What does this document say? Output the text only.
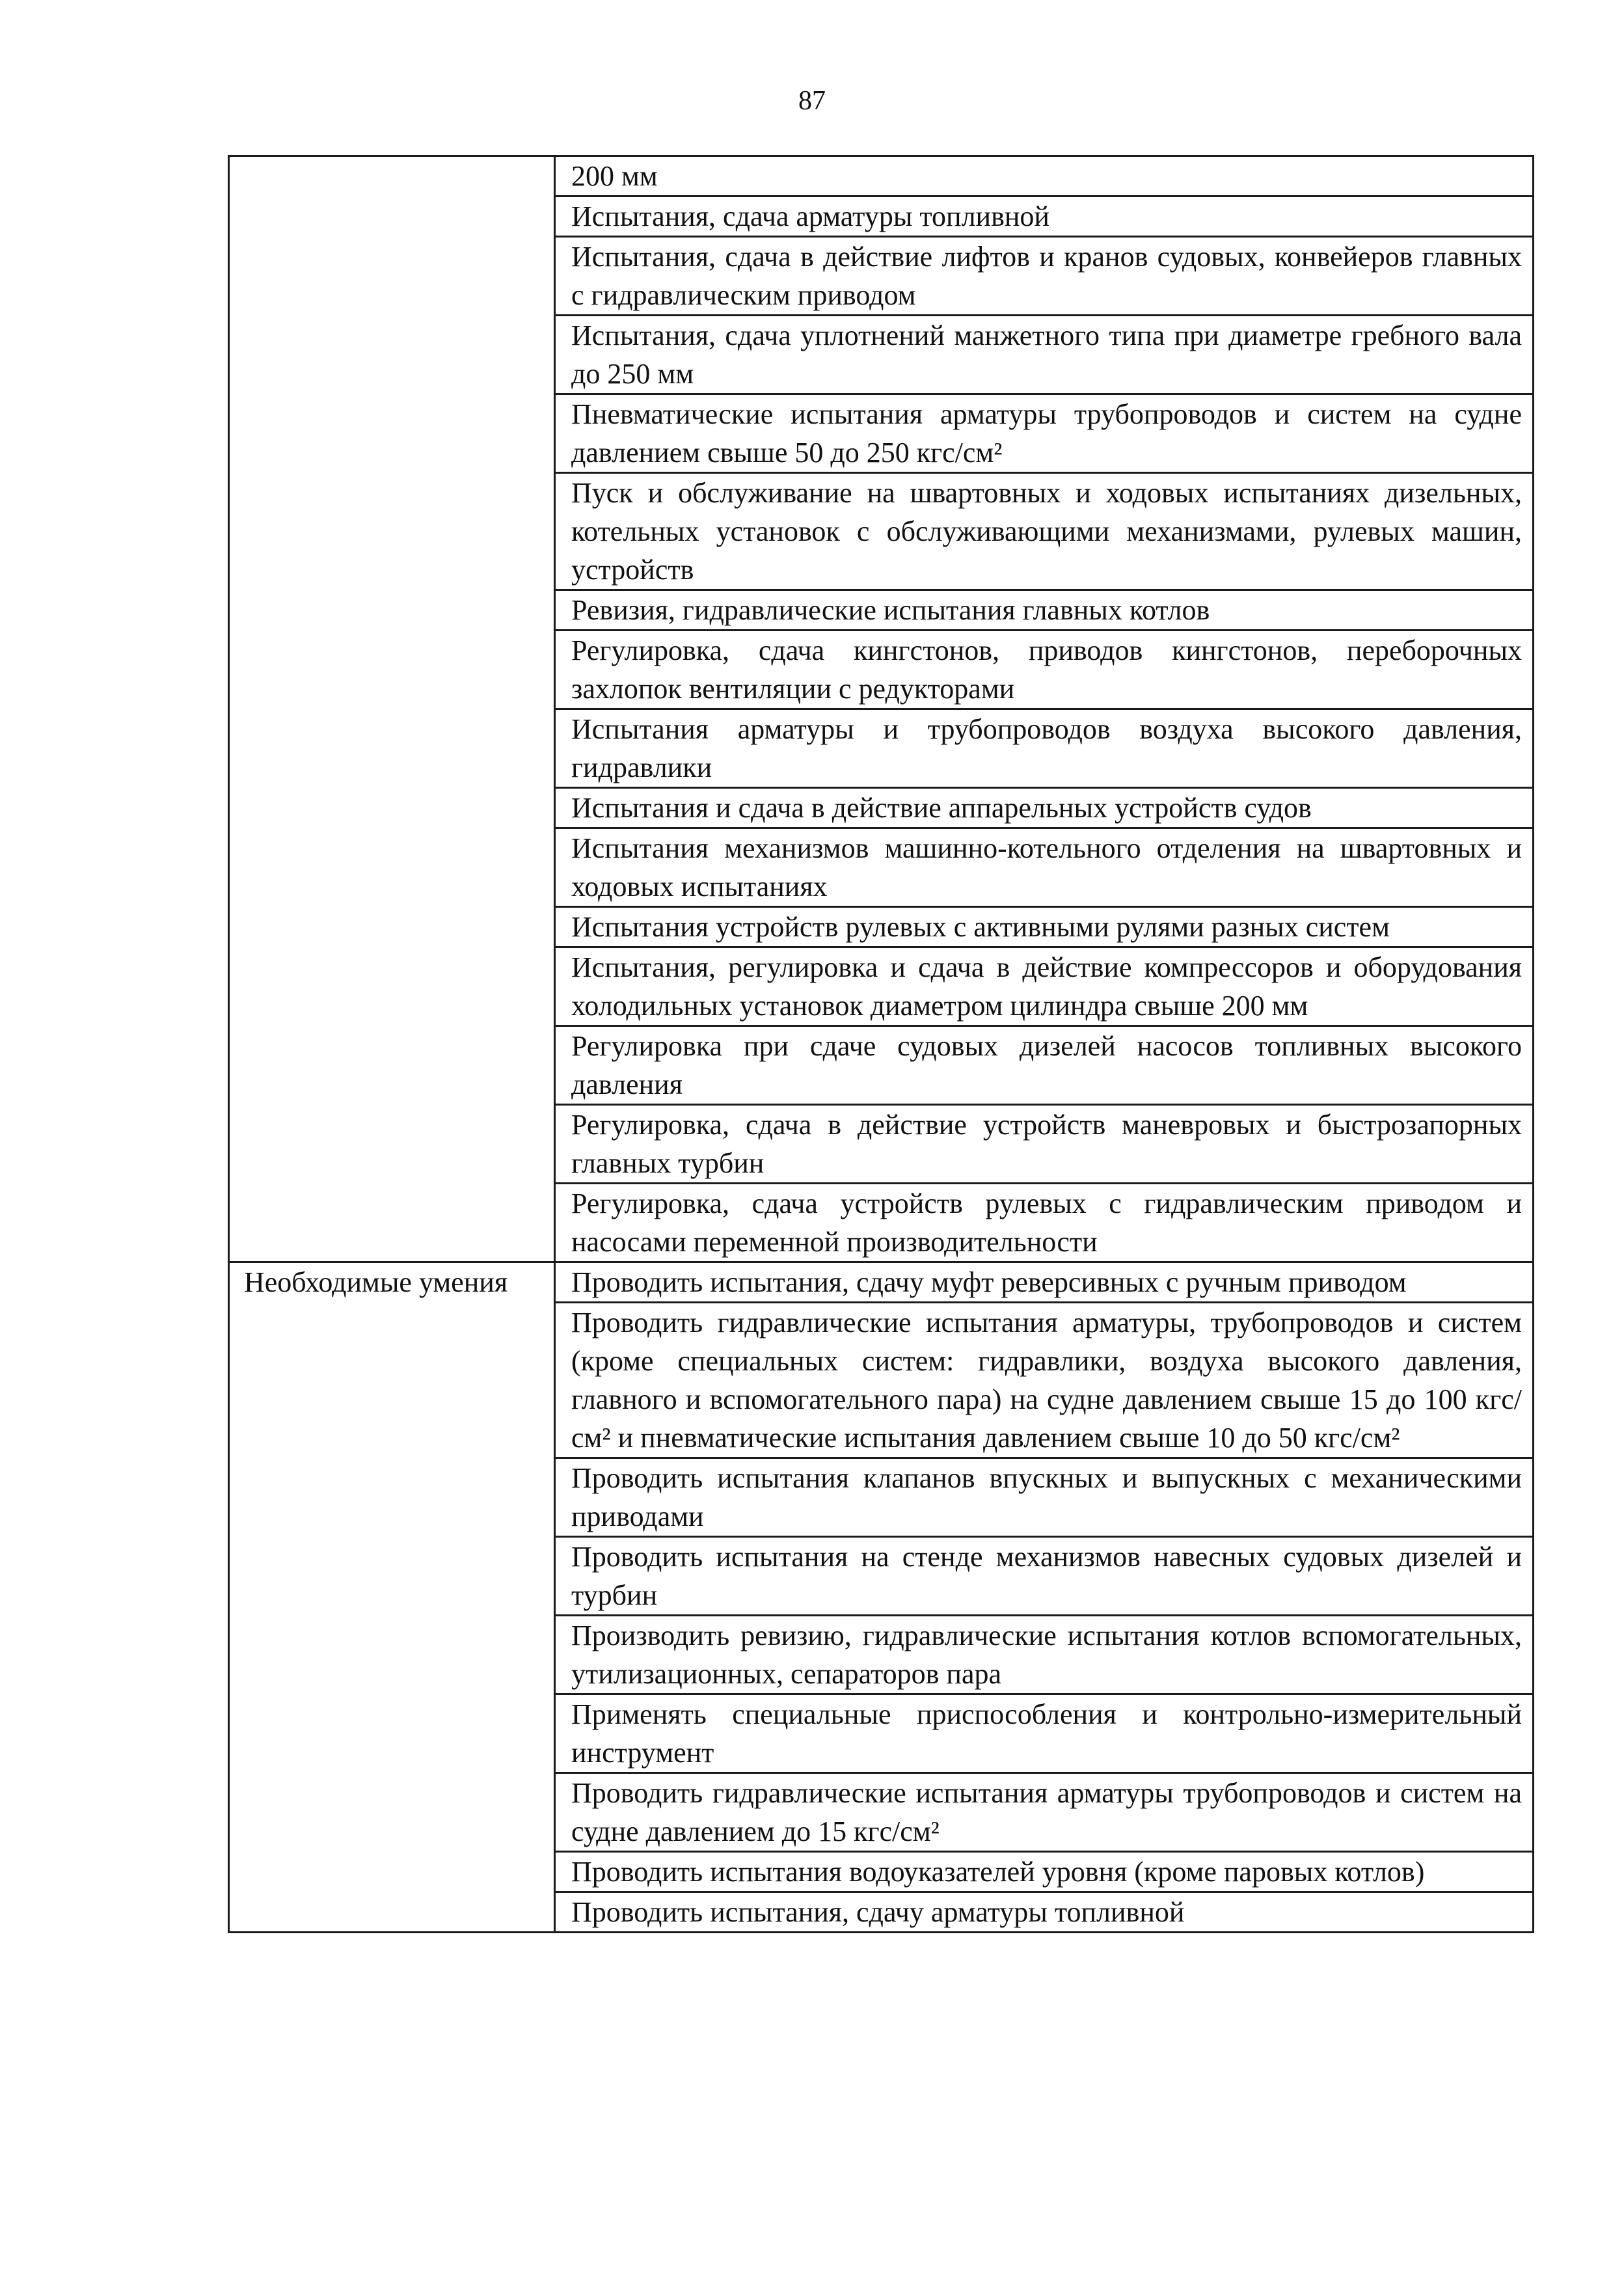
87
	200 мм
	Испытания, сдача арматуры топливной
	Испытания, сдача в действие лифтов и кранов судовых, конвейеров главных с гидравлическим приводом
	Испытания, сдача уплотнений манжетного типа при диаметре гребного вала до 250 мм
	Пневматические испытания арматуры трубопроводов и систем на судне давлением свыше 50 до 250 кгс/см²
	Пуск и обслуживание на швартовных и ходовых испытаниях дизельных, котельных установок с обслуживающими механизмами, рулевых машин, устройств
	Ревизия, гидравлические испытания главных котлов
	Регулировка, сдача кингстонов, приводов кингстонов, переборочных захлопок вентиляции с редукторами
	Испытания арматуры и трубопроводов воздуха высокого давления, гидравлики
	Испытания и сдача в действие аппарельных устройств судов
	Испытания механизмов машинно-котельного отделения на швартовных и ходовых испытаниях
	Испытания устройств рулевых с активными рулями разных систем
	Испытания, регулировка и сдача в действие компрессоров и оборудования холодильных установок диаметром цилиндра свыше 200 мм
	Регулировка при сдаче судовых дизелей насосов топливных высокого давления
	Регулировка, сдача в действие устройств маневровых и быстрозапорных главных турбин
	Регулировка, сдача устройств рулевых с гидравлическим приводом и насосами переменной производительности
Необходимые умения	Проводить испытания, сдачу муфт реверсивных с ручным приводом
	Проводить гидравлические испытания арматуры, трубопроводов и систем (кроме специальных систем: гидравлики, воздуха высокого давления, главного и вспомогательного пара) на судне давлением свыше 15 до 100 кгс/см² и пневматические испытания давлением свыше 10 до 50 кгс/см²
	Проводить испытания клапанов впускных и выпускных с механическими приводами
	Проводить испытания на стенде механизмов навесных судовых дизелей и турбин
	Производить ревизию, гидравлические испытания котлов вспомогательных, утилизационных, сепараторов пара
	Применять специальные приспособления и контрольно-измерительный инструмент
	Проводить гидравлические испытания арматуры трубопроводов и систем на судне давлением до 15 кгс/см²
	Проводить испытания водоуказателей уровня (кроме паровых котлов)
	Проводить испытания, сдачу арматуры топливной
